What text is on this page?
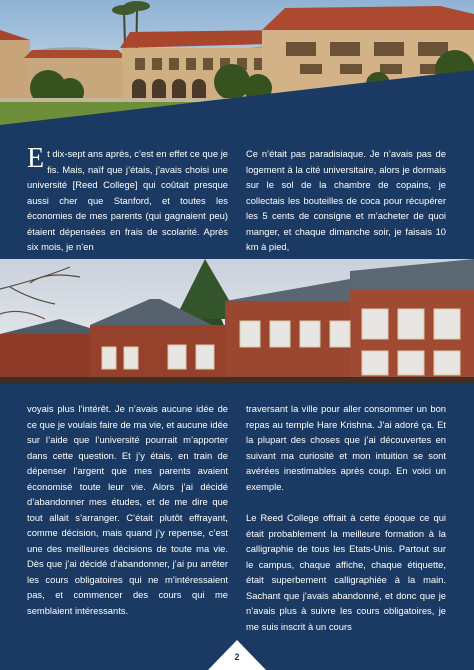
Et dix-sept ans après, c’est en effet ce que je fis. Mais, naïf que j’étais, j’avais choisi une université [Reed College] qui coûtait presque aussi cher que Stanford, et toutes les économies de mes parents (qui gagnaient peu) étaient dépensées en frais de scolarité. Après six mois, je n’en

Ce n’était pas paradisiaque. Je n’avais pas de logement à la cité universitaire, alors je dormais sur le sol de la chambre de copains, je collectais les bouteilles de coca pour récupérer les 5 cents de consigne et m’acheter de quoi manger, et chaque dimanche soir, je faisais 10 km à pied,

voyais plus l’intérêt. Je n’avais aucune idée de ce que je voulais faire de ma vie, et aucune idée sur l’aide que l’université pourrait m’apporter dans cette question. Et j’y étais, en train de dépenser l’argent que mes parents avaient économisé toute leur vie. Alors j’ai décidé d’abandonner mes études, et de me dire que tout allait s’arranger. C’était plutôt effrayant, comme décision, mais quand j’y repense, c’est une des meilleures décisions de toute ma vie. Dès que j’ai décidé d’abandonner, j’ai pu arrêter les cours obligatoires qui ne m’intéressaient pas, et commencer des cours qui me semblaient intéressants.

traversant la ville pour aller consommer un bon repas au temple Hare Krishna. J’ai adoré ça. Et la plupart des choses que j’ai découvertes en suivant ma curiosité et mon intuition se sont avérées inestimables après coup. En voici un exemple.

Le Reed College offrait à cette époque ce qui était probablement la meilleure formation à la calligraphie de tous les Etats-Unis. Partout sur le campus, chaque affiche, chaque étiquette, était superbement calligraphiée à la main. Sachant que j’avais abandonné, et donc que je n’avais plus à suivre les cours obligatoires, je me suis inscrit à un cours

2
